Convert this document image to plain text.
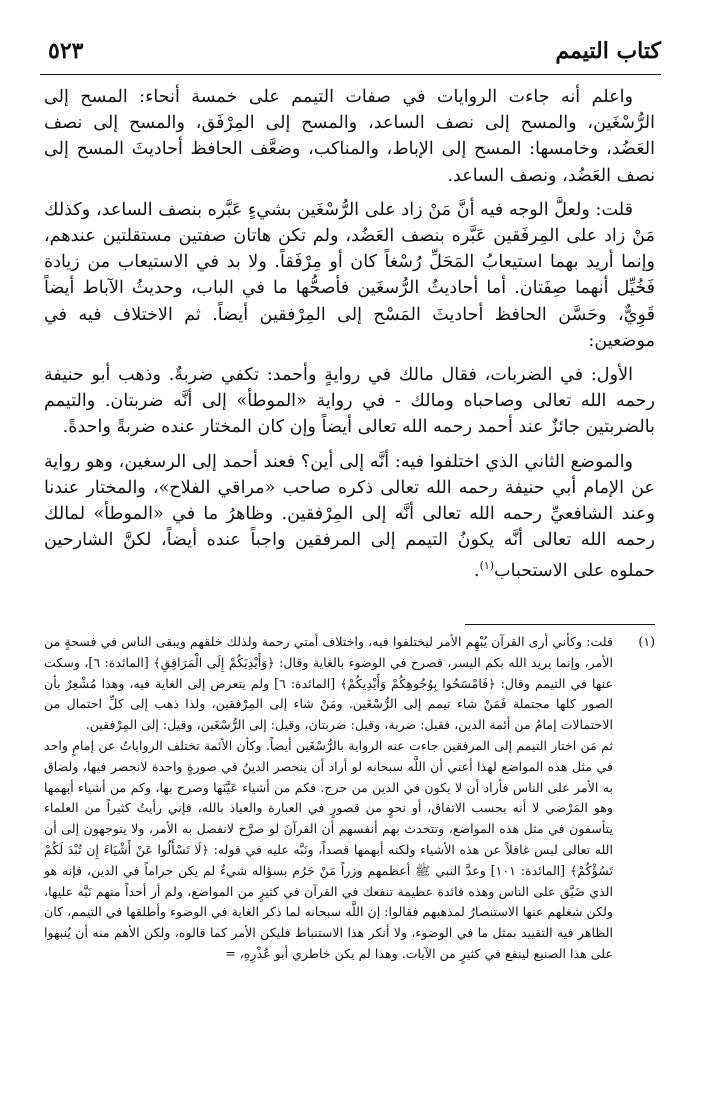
كتاب التيمم
٥٢٣

واعلم أنه جاءت الروايات في صفات التيمم على خمسة أنحاء: المسح إلى الرُّسْغَين، والمسح إلى نصف الساعد، والمسح إلى المِرْفَق، والمسح إلى نصف العَضُد، وخامسها: المسح إلى الإباط، والمناكب، وضعَّف الحافظ أحاديثَ المسح إلى نصف العَضُد، ونصف الساعد.

قلت: ولعلَّ الوجه فيه أنَّ مَنْ زاد على الرُّسْغَين بشيءٍ عَبَّره بنصف الساعد، وكذلك مَنْ زاد على المِرفَقين عَبَّره بنصف العَضُد، ولم تكن هاتان صفتين مستقلتين عندهم، وإنما أريد بهما استيعابُ المَحَلِّ رُسْغاً كان أو مِرْفَقاً. ولا بد في الاستيعاب من زيادة فَخُيِّل أنهما صِفَتان. أما أحاديثُ الرُّسغَين فأصحُّها ما في الباب، وحديثُ الآباط أيضاً قَوِيٌّ، وحَسَّن الحافظ أحاديثَ المَسْح إلى المِرْفقين أيضاً. ثم الاختلاف فيه في موضعين:

الأول: في الضربات، فقال مالك في روايةٍ وأحمد: تكفي ضربةٌ. وذهب أبو حنيفة رحمه الله تعالى وصاحباه ومالك - في رواية «الموطأ» إلى أنَّه ضربتان. والتيمم بالضربتين جائزٌ عند أحمد رحمه الله تعالى أيضاً وإن كان المختار عنده ضربةً واحدةً.

والموضع الثاني الذي اختلفوا فيه: أنَّه إلى أين؟ فعند أحمد إلى الرسغين، وهو رواية عن الإمام أبي حنيفة رحمه الله تعالى ذكره صاحب «مراقي الفلاح»، والمختار عندنا وعند الشافعيِّ رحمه الله تعالى أنَّه إلى المِرْفقين. وظاهرُ ما في «الموطأ» لمالك رحمه الله تعالى أنَّه يكونُ التيمم إلى المرفقين واجباً عنده أيضاً، لكنَّ الشارحين حملوه على الاستحباب$^{(١)}$.

(١)

قلت: وكأني أرى القرآن يُبْهِم الأمر ليختلفوا فيه، واختلاف أمتي رحمة ولذلك خلقهم ويبقى الناس في فسحةٍ من الأمر، وإنما يريد الله بكم اليسر، فصرح في الوضوء بالغاية وقال: ﴿وَأَيْدِيَكُمْ إِلَى الْمَرَافِقِ﴾ [المائدة: ٦]، وسكت عنها في التيمم وقال: ﴿فَامْسَحُوا بِوُجُوهِكُمْ وَأَيْدِيكُمْ﴾ [المائدة: ٦] ولم يتعرض إلى الغاية فيه، وهذا مُشْعِرٌ بأن الصور كلها محتملة فَمَنْ شاء تيمم إلى الرُّسْغَين. ومَنْ شاء إلى المِرْفقين، ولذا ذهب إلى كلِّ احتمال من الاحتمالات إمامٌ من أئمة الدين، فقيل: ضربة، وقيل: ضربتان، وقيل: إلى الرُّسْغَين، وقيل: إلى المِرْفقين.

ثم مَن اختار التيمم إلى المرفقين جاءت عنه الرواية بالرُّسْغَين أيضاً. وكأن الأئمة تختلف الرواياتُ عن إمامٍ واحد في مثل هذه المواضع لهذا أعني أن اللَّه سبحانه لو أراد أن ينحصر الدينُ في صورةٍ واحدة لانحصر فيها، ولضاق به الأمر على الناس فأراد أن لا يكون في الدين من حرج. فكم من أشياء عَيَّنَها وصرح بها، وكم من أشياء أبهمها وهو المَرْضي لا أنه بحسب الاتفاق، أو نحوٍ من قصورٍ في العبارة والعياذ بالله، فإني رأيتُ كثيراً من العلماء يتأسفون في مثل هذه المواضع، وتتحدث بهم أنفسهم أن القرآنَ لو صرَّح لانفصل به الأمر، ولا يتوجهون إلى أن الله تعالى ليس غافلاً عن هذه الأشياء ولكنه أبهمها قصداً، ونَبَّه عليه في قوله: ﴿لَا تَسْأَلُوا عَنْ أَشْيَاءَ إِن تُبْدَ لَكُمْ تَسُؤْكُمْ﴾ [المائدة: ١٠١] وعدَّ النبي ﷺ أعظمهم وزراً مَنْ حَرُم بسؤاله شيءٌ لم يكن حراماً في الدين، فإنه هو الذي ضَيَّق على الناس وهذه فائدة عظيمة تنفعك في القرآن في كثيرٍ من المواضع، ولم أر أحداً منهم نَبَّه عليها، ولكن شغلهم عنها الاستنصارُ لمذهبهم فقالوا: إن اللَّه سبحانه لما ذكر الغاية في الوضوء وأطلقها في التيمم، كان الظاهر فيه التقييد بمثل ما في الوضوء، ولا أنكر هذا الاستنباط فليكن الأمر كما قالوه، ولكن الأهم منه أن يُنبهوا على هذا الصنيع لينفع في كثيرٍ من الآيات. وهذا لم يكن خاطري أبو عُذْرِهِ، =
